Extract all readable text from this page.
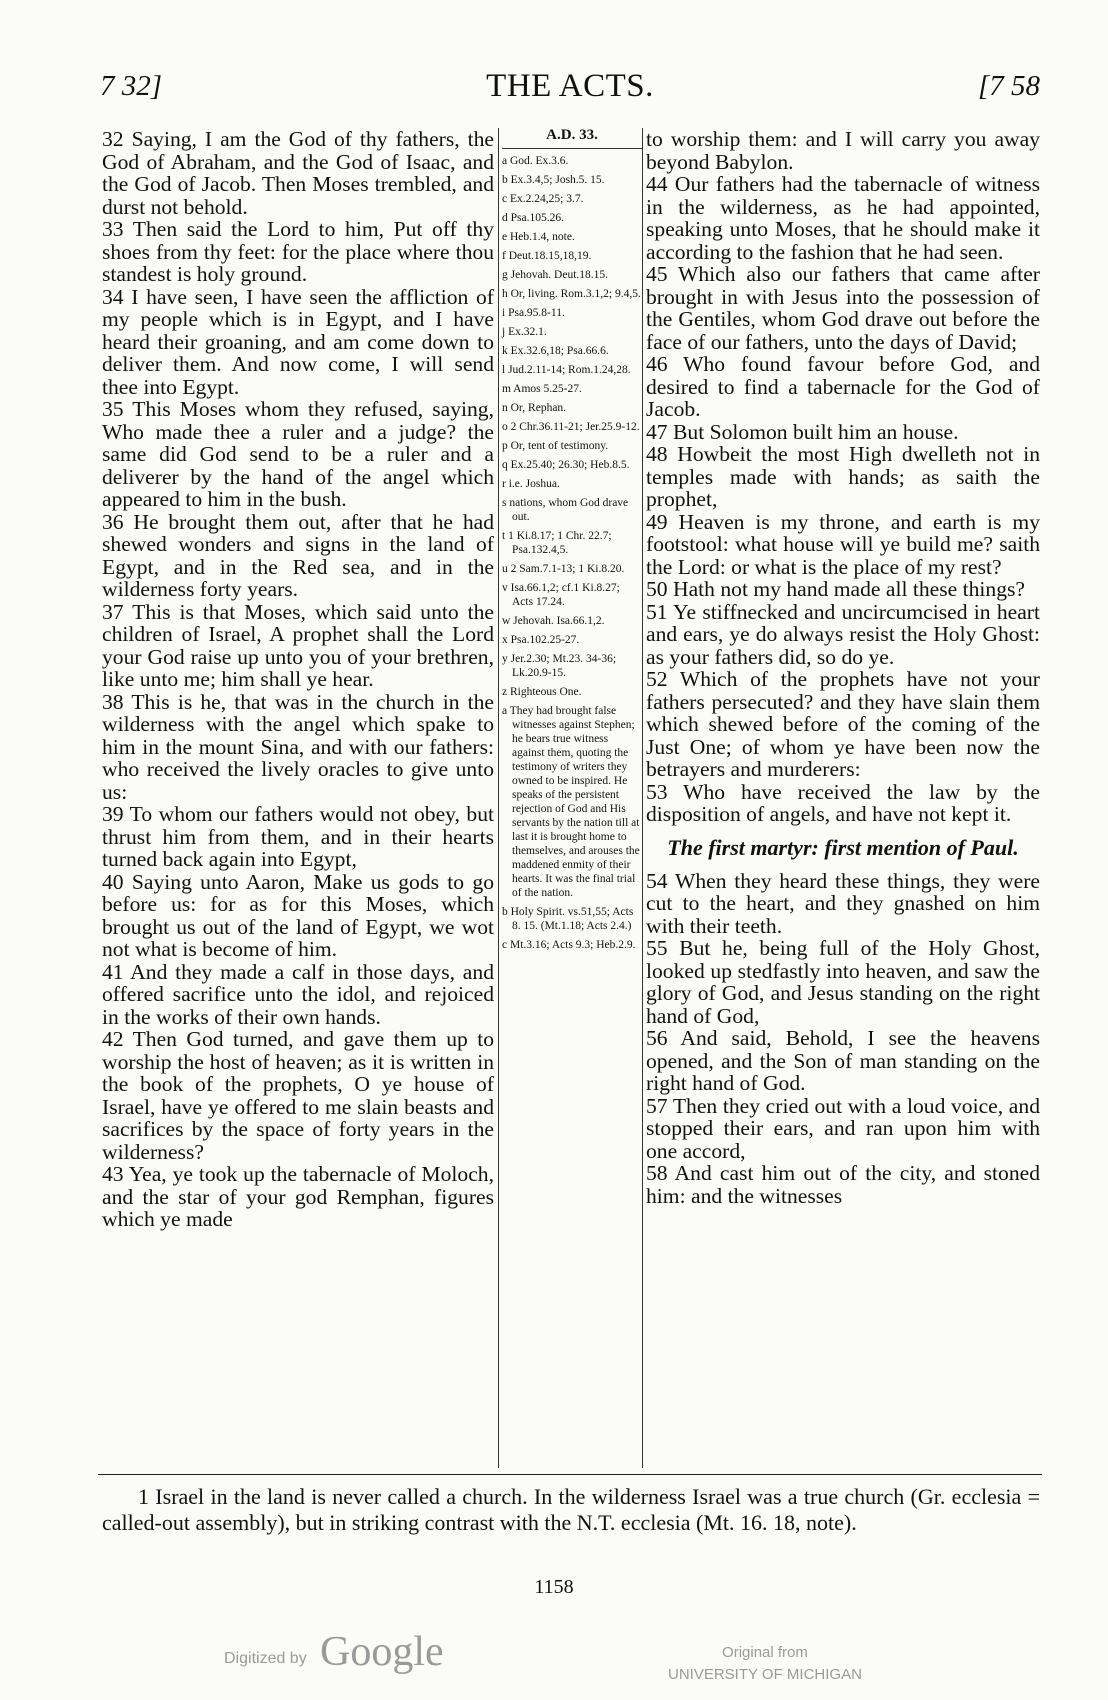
7 32]	THE ACTS.	[7 58

32 Saying, I am the God of thy fathers, the God of Abraham, and the God of Isaac, and the God of Jacob. Then Moses trembled, and durst not behold.

33 Then said the Lord to him, Put off thy shoes from thy feet: for the place where thou standest is holy ground.

34 I have seen, I have seen the affliction of my people which is in Egypt, and I have heard their groaning, and am come down to deliver them. And now come, I will send thee into Egypt.

35 This Moses whom they refused, saying, Who made thee a ruler and a judge? the same did God send to be a ruler and a deliverer by the hand of the angel which appeared to him in the bush.

36 He brought them out, after that he had shewed wonders and signs in the land of Egypt, and in the Red sea, and in the wilderness forty years.

37 This is that Moses, which said unto the children of Israel, A prophet shall the Lord your God raise up unto you of your brethren, like unto me; him shall ye hear.

38 This is he, that was in the church in the wilderness with the angel which spake to him in the mount Sina, and with our fathers: who received the lively oracles to give unto us:

39 To whom our fathers would not obey, but thrust him from them, and in their hearts turned back again into Egypt,

40 Saying unto Aaron, Make us gods to go before us: for as for this Moses, which brought us out of the land of Egypt, we wot not what is become of him.

41 And they made a calf in those days, and offered sacrifice unto the idol, and rejoiced in the works of their own hands.

42 Then God turned, and gave them up to worship the host of heaven; as it is written in the book of the prophets, O ye house of Israel, have ye offered to me slain beasts and sacrifices by the space of forty years in the wilderness?

43 Yea, ye took up the tabernacle of Moloch, and the star of your god Remphan, figures which ye made

A.D. 33.
a God. Ex.3.6.
b Ex.3.4,5; Josh.5. 15.
c Ex.2.24,25; 3.7.
d Psa.105.26.
e Heb.1.4, note.
f Deut.18.15,18,19.
g Jehovah. Deut.18.15.
h Or, living. Rom.3.1,2; 9.4,5.
i Psa.95.8-11.
j Ex.32.1.
k Ex.32.6,18; Psa.66.6.
l Jud.2.11-14; Rom.1.24,28.
m Amos 5.25-27.
n Or, Rephan.
o 2 Chr.36.11-21; Jer.25.9-12.
p Or, tent of testimony.
q Ex.25.40; 26.30; Heb.8.5.
r i.e. Joshua.
s nations, whom God drave out.
t 1 Ki.8.17; 1 Chr. 22.7; Psa.132.4,5.
u 2 Sam.7.1-13; 1 Ki.8.20.
v Isa.66.1,2; cf.1 Ki.8.27; Acts 17.24.
w Jehovah. Isa.66.1,2.
x Psa.102.25-27.
y Jer.2.30; Mt.23. 34-36; Lk.20.9-15.
z Righteous One.
a They had brought false witnesses against Stephen; he bears true witness against them, quoting the testimony of writers they owned to be inspired. He speaks of the persistent rejection of God and His servants by the nation till at last it is brought home to themselves, and arouses the maddened enmity of their hearts. It was the final trial of the nation.
b Holy Spirit. vs.51,55; Acts 8. 15. (Mt.1.18; Acts 2.4.)
c Mt.3.16; Acts 9.3; Heb.2.9.

to worship them: and I will carry you away beyond Babylon.

44 Our fathers had the tabernacle of witness in the wilderness, as he had appointed, speaking unto Moses, that he should make it according to the fashion that he had seen.

45 Which also our fathers that came after brought in with Jesus into the possession of the Gentiles, whom God drave out before the face of our fathers, unto the days of David;

46 Who found favour before God, and desired to find a tabernacle for the God of Jacob.

47 But Solomon built him an house.

48 Howbeit the most High dwelleth not in temples made with hands; as saith the prophet,

49 Heaven is my throne, and earth is my footstool: what house will ye build me? saith the Lord: or what is the place of my rest?

50 Hath not my hand made all these things?

51 Ye stiffnecked and uncircumcised in heart and ears, ye do always resist the Holy Ghost: as your fathers did, so do ye.

52 Which of the prophets have not your fathers persecuted? and they have slain them which shewed before of the coming of the Just One; of whom ye have been now the betrayers and murderers:

53 Who have received the law by the disposition of angels, and have not kept it.

The first martyr: first mention of Paul.

54 When they heard these things, they were cut to the heart, and they gnashed on him with their teeth.

55 But he, being full of the Holy Ghost, looked up stedfastly into heaven, and saw the glory of God, and Jesus standing on the right hand of God,

56 And said, Behold, I see the heavens opened, and the Son of man standing on the right hand of God.

57 Then they cried out with a loud voice, and stopped their ears, and ran upon him with one accord,

58 And cast him out of the city, and stoned him: and the witnesses

1 Israel in the land is never called a church. In the wilderness Israel was a true church (Gr. ecclesia = called-out assembly), but in striking contrast with the N.T. ecclesia (Mt. 16. 18, note).
1158
Digitized by Google	Original from
UNIVERSITY OF MICHIGAN
